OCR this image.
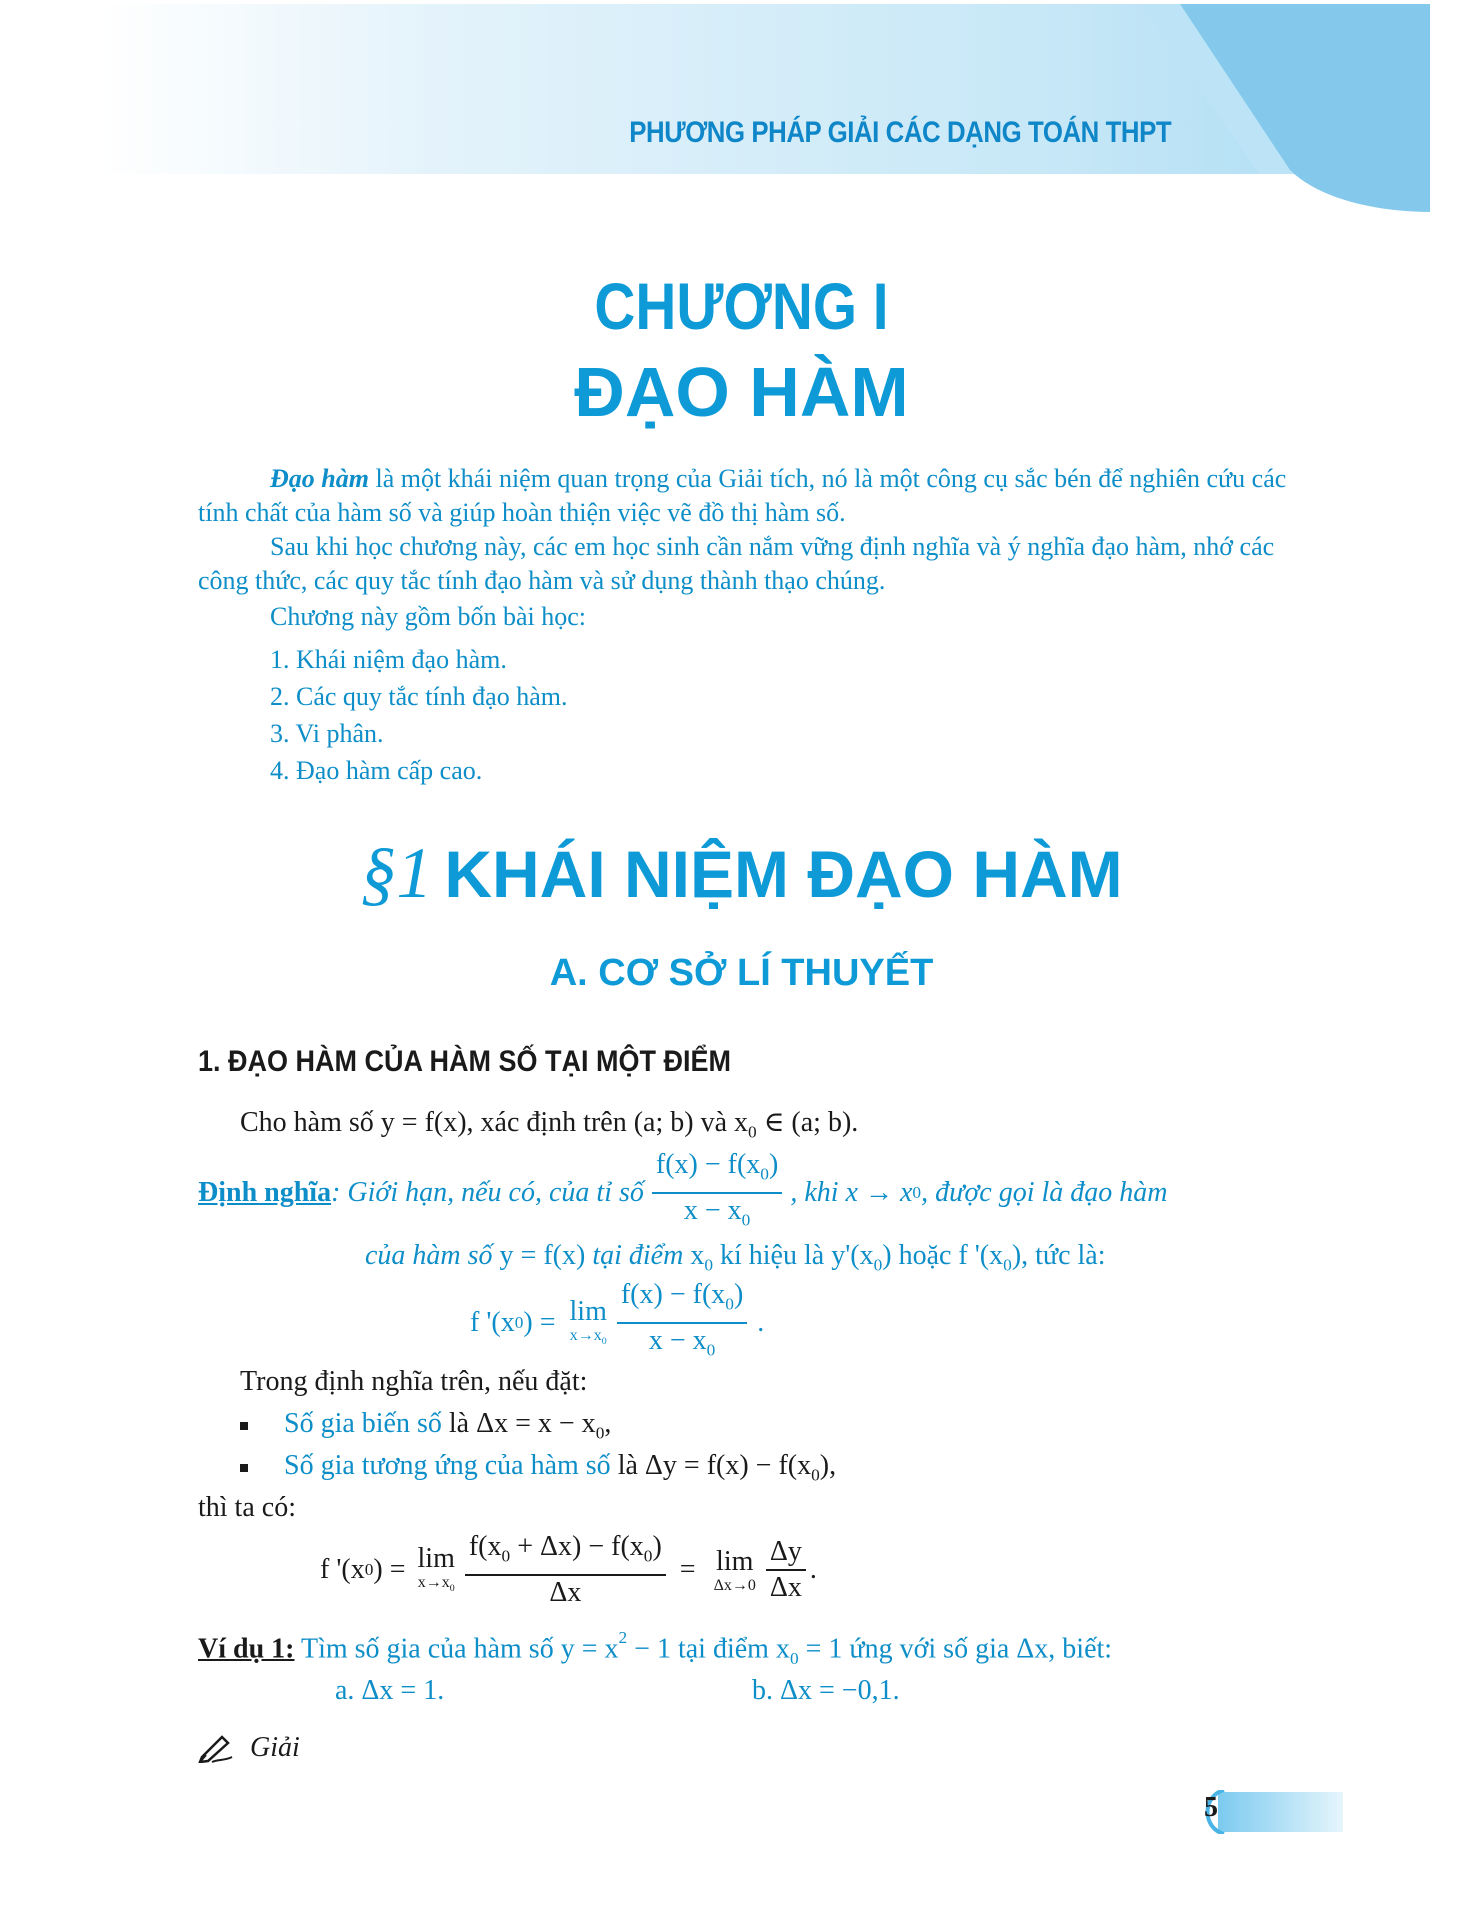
PHƯƠNG PHÁP GIẢI CÁC DẠNG TOÁN THPT
CHƯƠNG I
ĐẠO HÀM

Đạo hàm là một khái niệm quan trọng của Giải tích, nó là một công cụ sắc bén để nghiên cứu các tính chất của hàm số và giúp hoàn thiện việc vẽ đồ thị hàm số.

Sau khi học chương này, các em học sinh cần nắm vững định nghĩa và ý nghĩa đạo hàm, nhớ các công thức, các quy tắc tính đạo hàm và sử dụng thành thạo chúng.

Chương này gồm bốn bài học:

1. Khái niệm đạo hàm.
2. Các quy tắc tính đạo hàm.
3. Vi phân.
4. Đạo hàm cấp cao.
§1 KHÁI NIỆM ĐẠO HÀM
A. CƠ SỞ LÍ THUYẾT
1. ĐẠO HÀM CỦA HÀM SỐ TẠI MỘT ĐIỂM
Cho hàm số y = f(x), xác định trên (a; b) và $x_0$ ∈ (a; b).
Định nghĩa : Giới hạn, nếu có, của tỉ số $\frac{f(x) - f(x_0)}{x - x_0}$ , khi x → x 0 , được gọi là đạo hàm
của hàm số y = f(x) tại điểm $x_0$ kí hiệu là $y'(x_0)$ hoặc f '$(x_0)$, tức là:
f '(x 0 ) = lim
$x\to x_0 \frac{f(x) - f(x_0)}{x - x_0}$ .
Trong định nghĩa trên, nếu đặt:
Số gia biến số là $\Delta x = x - x_0$,
Số gia tương ứng của hàm số là $\Delta y = f(x) - f(x_0)$,
thì ta có:
f '(x 0 ) = lim
$x\to x_0 \frac{f(x_0 + \Delta x) - f(x_0)}{\Delta x} = \lim$
$\Delta x\to 0 \frac{\Delta y}{\Delta x}$ .
Ví dụ 1: Tìm số gia của hàm số $y = x^2 - 1$ tại điểm $x_0 = 1$ ứng với số gia Δx, biết:
a. Δx = 1.	b. Δx = −0,1.
Giải
5
